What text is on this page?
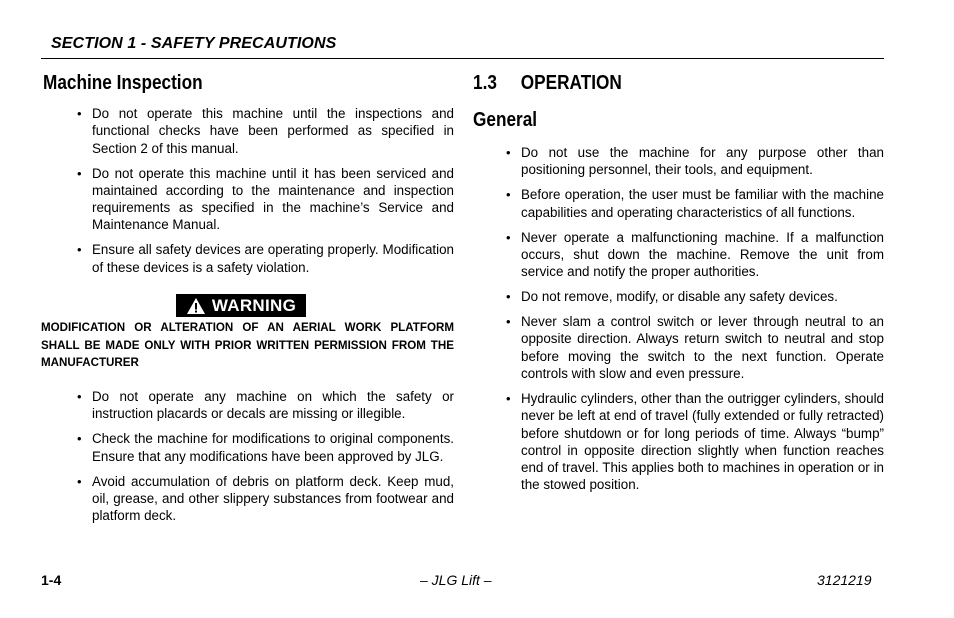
SECTION 1 - SAFETY PRECAUTIONS
Machine Inspection
• Do not operate this machine until the inspections and functional checks have been performed as specified in Section 2 of this manual.
• Do not operate this machine until it has been serviced and maintained according to the maintenance and inspection requirements as specified in the machine’s Service and Maintenance Manual.
• Ensure all safety devices are operating properly. Modification of these devices is a safety violation.
WARNING
MODIFICATION OR ALTERATION OF AN AERIAL WORK PLATFORM SHALL BE MADE ONLY WITH PRIOR WRITTEN PERMISSION FROM THE MANUFACTURER
• Do not operate any machine on which the safety or instruction placards or decals are missing or illegible.
• Check the machine for modifications to original components. Ensure that any modifications have been approved by JLG.
• Avoid accumulation of debris on platform deck. Keep mud, oil, grease, and other slippery substances from footwear and platform deck.
1.3     OPERATION
General
• Do not use the machine for any purpose other than positioning personnel, their tools, and equipment.
• Before operation, the user must be familiar with the machine capabilities and operating characteristics of all functions.
• Never operate a malfunctioning machine. If a malfunction occurs, shut down the machine. Remove the unit from service and notify the proper authorities.
• Do not remove, modify, or disable any safety devices.
• Never slam a control switch or lever through neutral to an opposite direction. Always return switch to neutral and stop before moving the switch to the next function. Operate controls with slow and even pressure.
• Hydraulic cylinders, other than the outrigger cylinders, should never be left at end of travel (fully extended or fully retracted) before shutdown or for long periods of time. Always “bump” control in opposite direction slightly when function reaches end of travel. This applies both to machines in operation or in the stowed position.
1-4	– JLG Lift –	3121219
